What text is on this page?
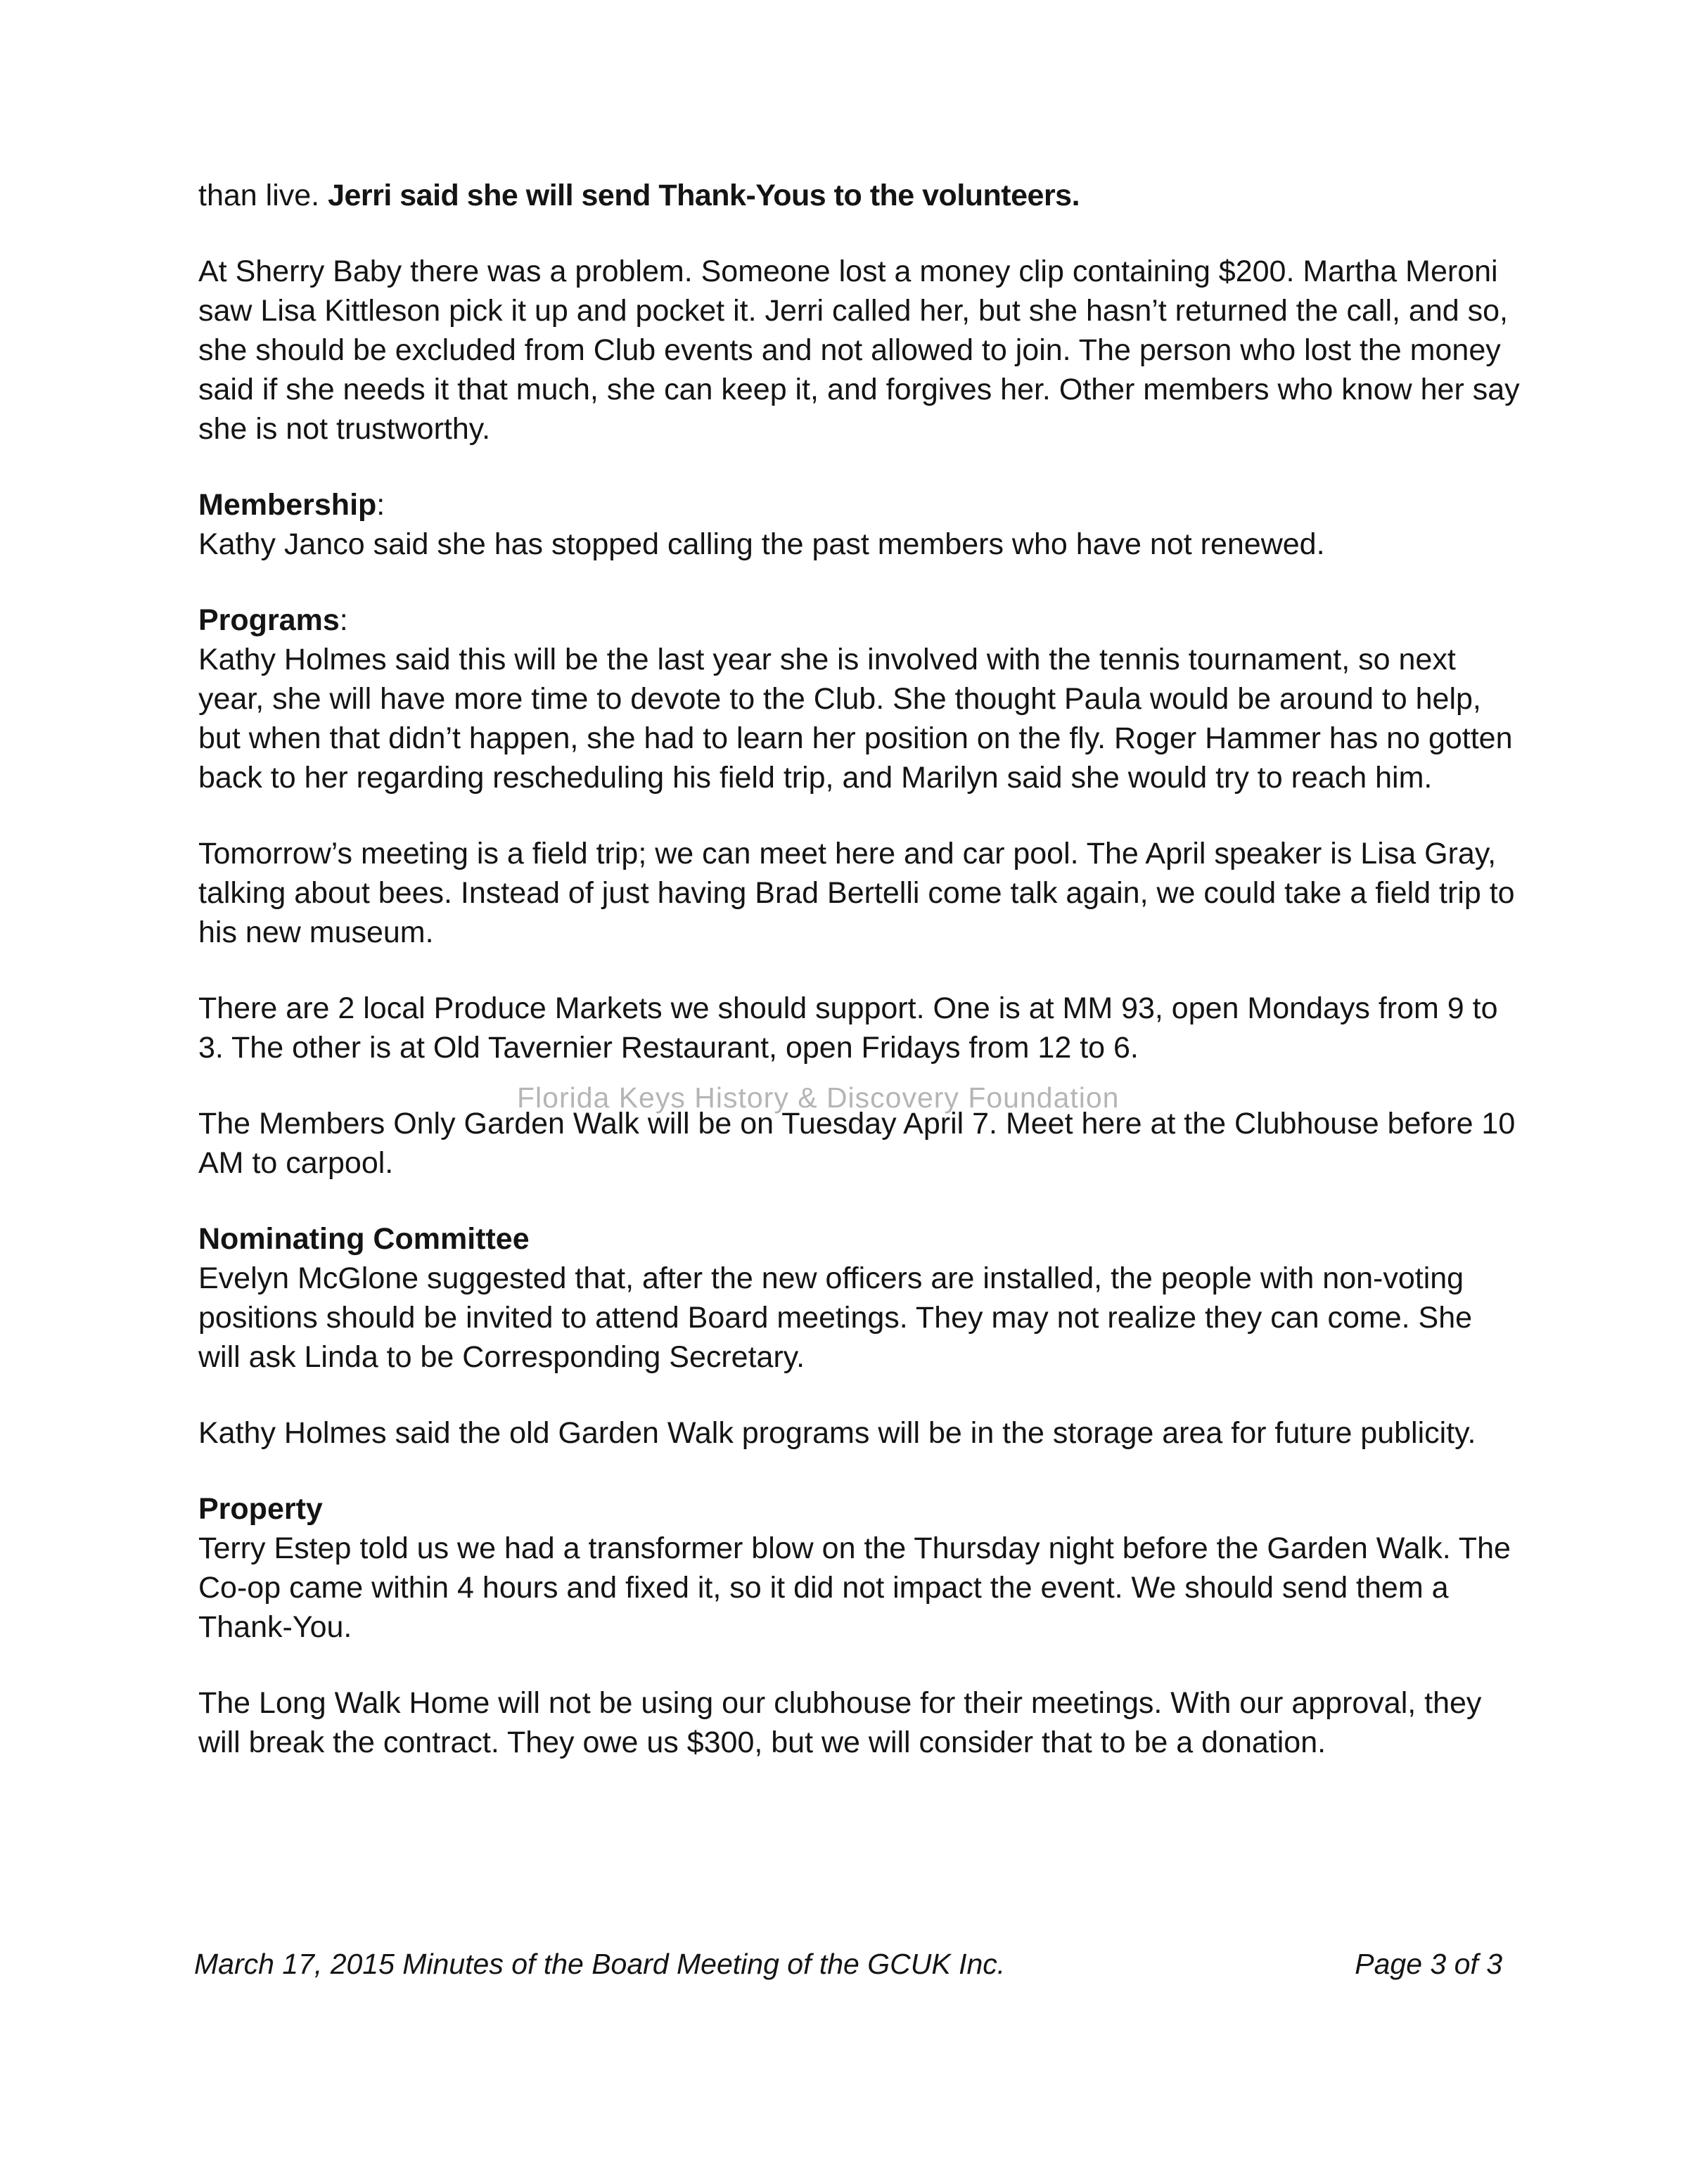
than live. Jerri said she will send Thank-Yous to the volunteers.

At Sherry Baby there was a problem. Someone lost a money clip containing $200. Martha Meroni saw Lisa Kittleson pick it up and pocket it. Jerri called her, but she hasn’t returned the call, and so, she should be excluded from Club events and not allowed to join. The person who lost the money said if she needs it that much, she can keep it, and forgives her. Other members who know her say she is not trustworthy.

Membership:

Kathy Janco said she has stopped calling the past members who have not renewed.

Programs:

Kathy Holmes said this will be the last year she is involved with the tennis tournament, so next year, she will have more time to devote to the Club. She thought Paula would be around to help, but when that didn’t happen, she had to learn her position on the fly. Roger Hammer has no gotten back to her regarding rescheduling his field trip, and Marilyn said she would try to reach him.

Tomorrow’s meeting is a field trip; we can meet here and car pool. The April speaker is Lisa Gray, talking about bees. Instead of just having Brad Bertelli come talk again, we could take a field trip to his new museum.

There are 2 local Produce Markets we should support. One is at MM 93, open Mondays from 9 to 3. The other is at Old Tavernier Restaurant, open Fridays from 12 to 6.

The Members Only Garden Walk will be on Tuesday April 7. Meet here at the Clubhouse before 10 AM to carpool.

Nominating Committee

Evelyn McGlone suggested that, after the new officers are installed, the people with non-voting positions should be invited to attend Board meetings. They may not realize they can come. She will ask Linda to be Corresponding Secretary.

Kathy Holmes said the old Garden Walk programs will be in the storage area for future publicity.

Property

Terry Estep told us we had a transformer blow on the Thursday night before the Garden Walk. The Co-op came within 4 hours and fixed it, so it did not impact the event. We should send them a Thank-You.

The Long Walk Home will not be using our clubhouse for their meetings. With our approval, they will break the contract. They owe us $300, but we will consider that to be a donation.

Florida Keys History & Discovery Foundation
March 17, 2015 Minutes of the Board Meeting of the GCUK Inc.	Page 3 of 3
